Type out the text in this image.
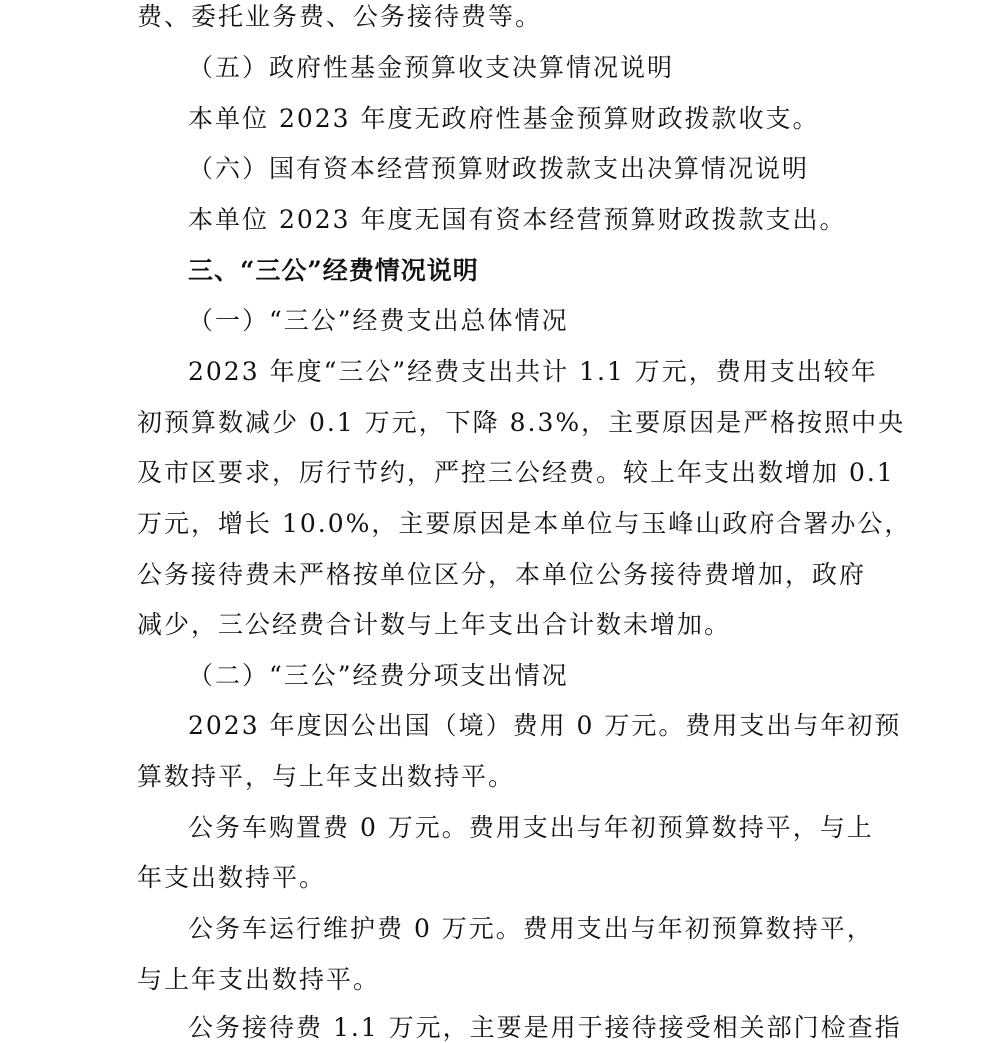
费、委托业务费、公务接待费等。
（五）政府性基金预算收支决算情况说明
本单位 2023 年度无政府性基金预算财政拨款收支。
（六）国有资本经营预算财政拨款支出决算情况说明
本单位 2023 年度无国有资本经营预算财政拨款支出。
三、“三公”经费情况说明
（一）“三公”经费支出总体情况
2023 年度“三公”经费支出共计 1.1 万元，费用支出较年
初预算数减少 0.1 万元，下降 8.3%，主要原因是严格按照中央
及市区要求，厉行节约，严控三公经费。较上年支出数增加 0.1
万元，增长 10.0%，主要原因是本单位与玉峰山政府合署办公，
公务接待费未严格按单位区分，本单位公务接待费增加，政府
减少，三公经费合计数与上年支出合计数未增加。
（二）“三公”经费分项支出情况
2023 年度因公出国（境）费用 0 万元。费用支出与年初预
算数持平，与上年支出数持平。
公务车购置费 0 万元。费用支出与年初预算数持平，与上
年支出数持平。
公务车运行维护费 0 万元。费用支出与年初预算数持平，
与上年支出数持平。
公务接待费 1.1 万元，主要是用于接待接受相关部门检查指
